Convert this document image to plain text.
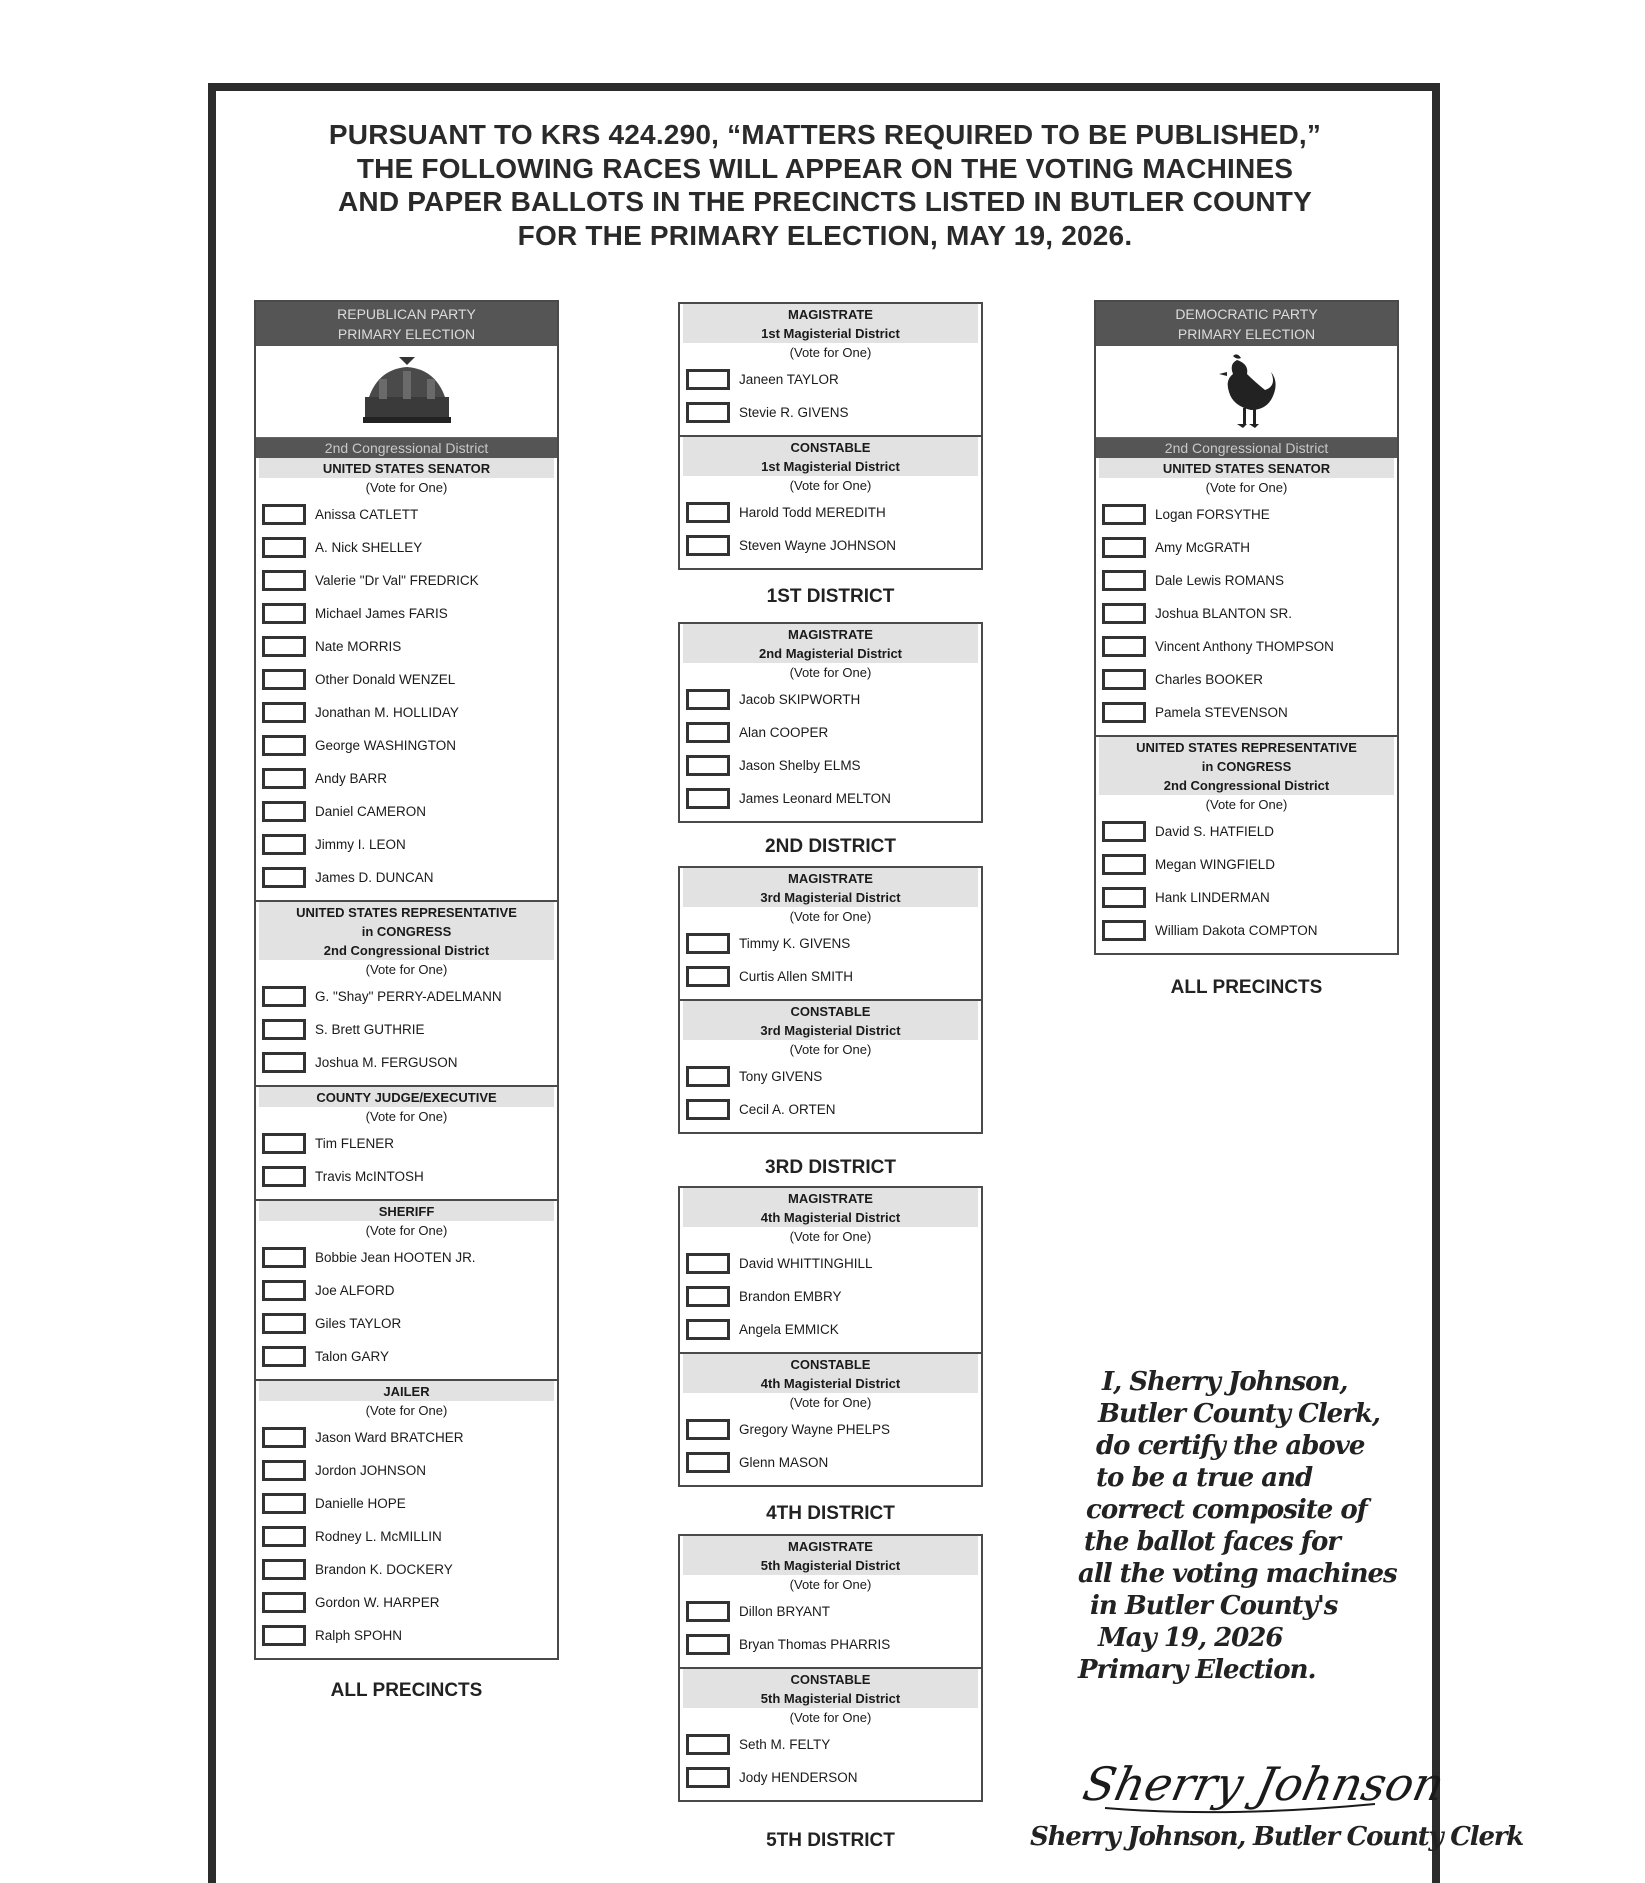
PURSUANT TO KRS 424.290, “MATTERS REQUIRED TO BE PUBLISHED,”
THE FOLLOWING RACES WILL APPEAR ON THE VOTING MACHINES
AND PAPER BALLOTS IN THE PRECINCTS LISTED IN BUTLER COUNTY
FOR THE PRIMARY ELECTION, MAY 19, 2026.
REPUBLICAN PARTY
PRIMARY ELECTION
2nd Congressional District
UNITED STATES SENATOR
(Vote for One)
Anissa CATLETT
A. Nick SHELLEY
Valerie "Dr Val" FREDRICK
Michael James FARIS
Nate MORRIS
Other Donald WENZEL
Jonathan M. HOLLIDAY
George WASHINGTON
Andy BARR
Daniel CAMERON
Jimmy I. LEON
James D. DUNCAN
UNITED STATES REPRESENTATIVE
in CONGRESS
2nd Congressional District
(Vote for One)
G. "Shay" PERRY-ADELMANN
S. Brett GUTHRIE
Joshua M. FERGUSON
COUNTY JUDGE/EXECUTIVE
(Vote for One)
Tim FLENER
Travis McINTOSH
SHERIFF
(Vote for One)
Bobbie Jean HOOTEN JR.
Joe ALFORD
Giles TAYLOR
Talon GARY
JAILER
(Vote for One)
Jason Ward BRATCHER
Jordon JOHNSON
Danielle HOPE
Rodney L. McMILLIN
Brandon K. DOCKERY
Gordon W. HARPER
Ralph SPOHN
ALL PRECINCTS
MAGISTRATE
1st Magisterial District
(Vote for One)
Janeen TAYLOR
Stevie R. GIVENS
CONSTABLE
1st Magisterial District
(Vote for One)
Harold Todd MEREDITH
Steven Wayne JOHNSON
1ST DISTRICT
MAGISTRATE
2nd Magisterial District
(Vote for One)
Jacob SKIPWORTH
Alan COOPER
Jason Shelby ELMS
James Leonard MELTON
2ND DISTRICT
MAGISTRATE
3rd Magisterial District
(Vote for One)
Timmy K. GIVENS
Curtis Allen SMITH
CONSTABLE
3rd Magisterial District
(Vote for One)
Tony GIVENS
Cecil A. ORTEN
3RD DISTRICT
MAGISTRATE
4th Magisterial District
(Vote for One)
David WHITTINGHILL
Brandon EMBRY
Angela EMMICK
CONSTABLE
4th Magisterial District
(Vote for One)
Gregory Wayne PHELPS
Glenn MASON
4TH DISTRICT
MAGISTRATE
5th Magisterial District
(Vote for One)
Dillon BRYANT
Bryan Thomas PHARRIS
CONSTABLE
5th Magisterial District
(Vote for One)
Seth M. FELTY
Jody HENDERSON
5TH DISTRICT
DEMOCRATIC PARTY
PRIMARY ELECTION
2nd Congressional District
UNITED STATES SENATOR
(Vote for One)
Logan FORSYTHE
Amy McGRATH
Dale Lewis ROMANS
Joshua BLANTON SR.
Vincent Anthony THOMPSON
Charles BOOKER
Pamela STEVENSON
UNITED STATES REPRESENTATIVE
in CONGRESS
2nd Congressional District
(Vote for One)
David S. HATFIELD
Megan WINGFIELD
Hank LINDERMAN
William Dakota COMPTON
ALL PRECINCTS
I, Sherry Johnson,
Butler County Clerk,
do certify the above
to be a true and
correct composite of
the ballot faces for
all the voting machines
in Butler County's
May 19, 2026
Primary Election.
Sherry Johnson
Sherry Johnson, Butler County Clerk
